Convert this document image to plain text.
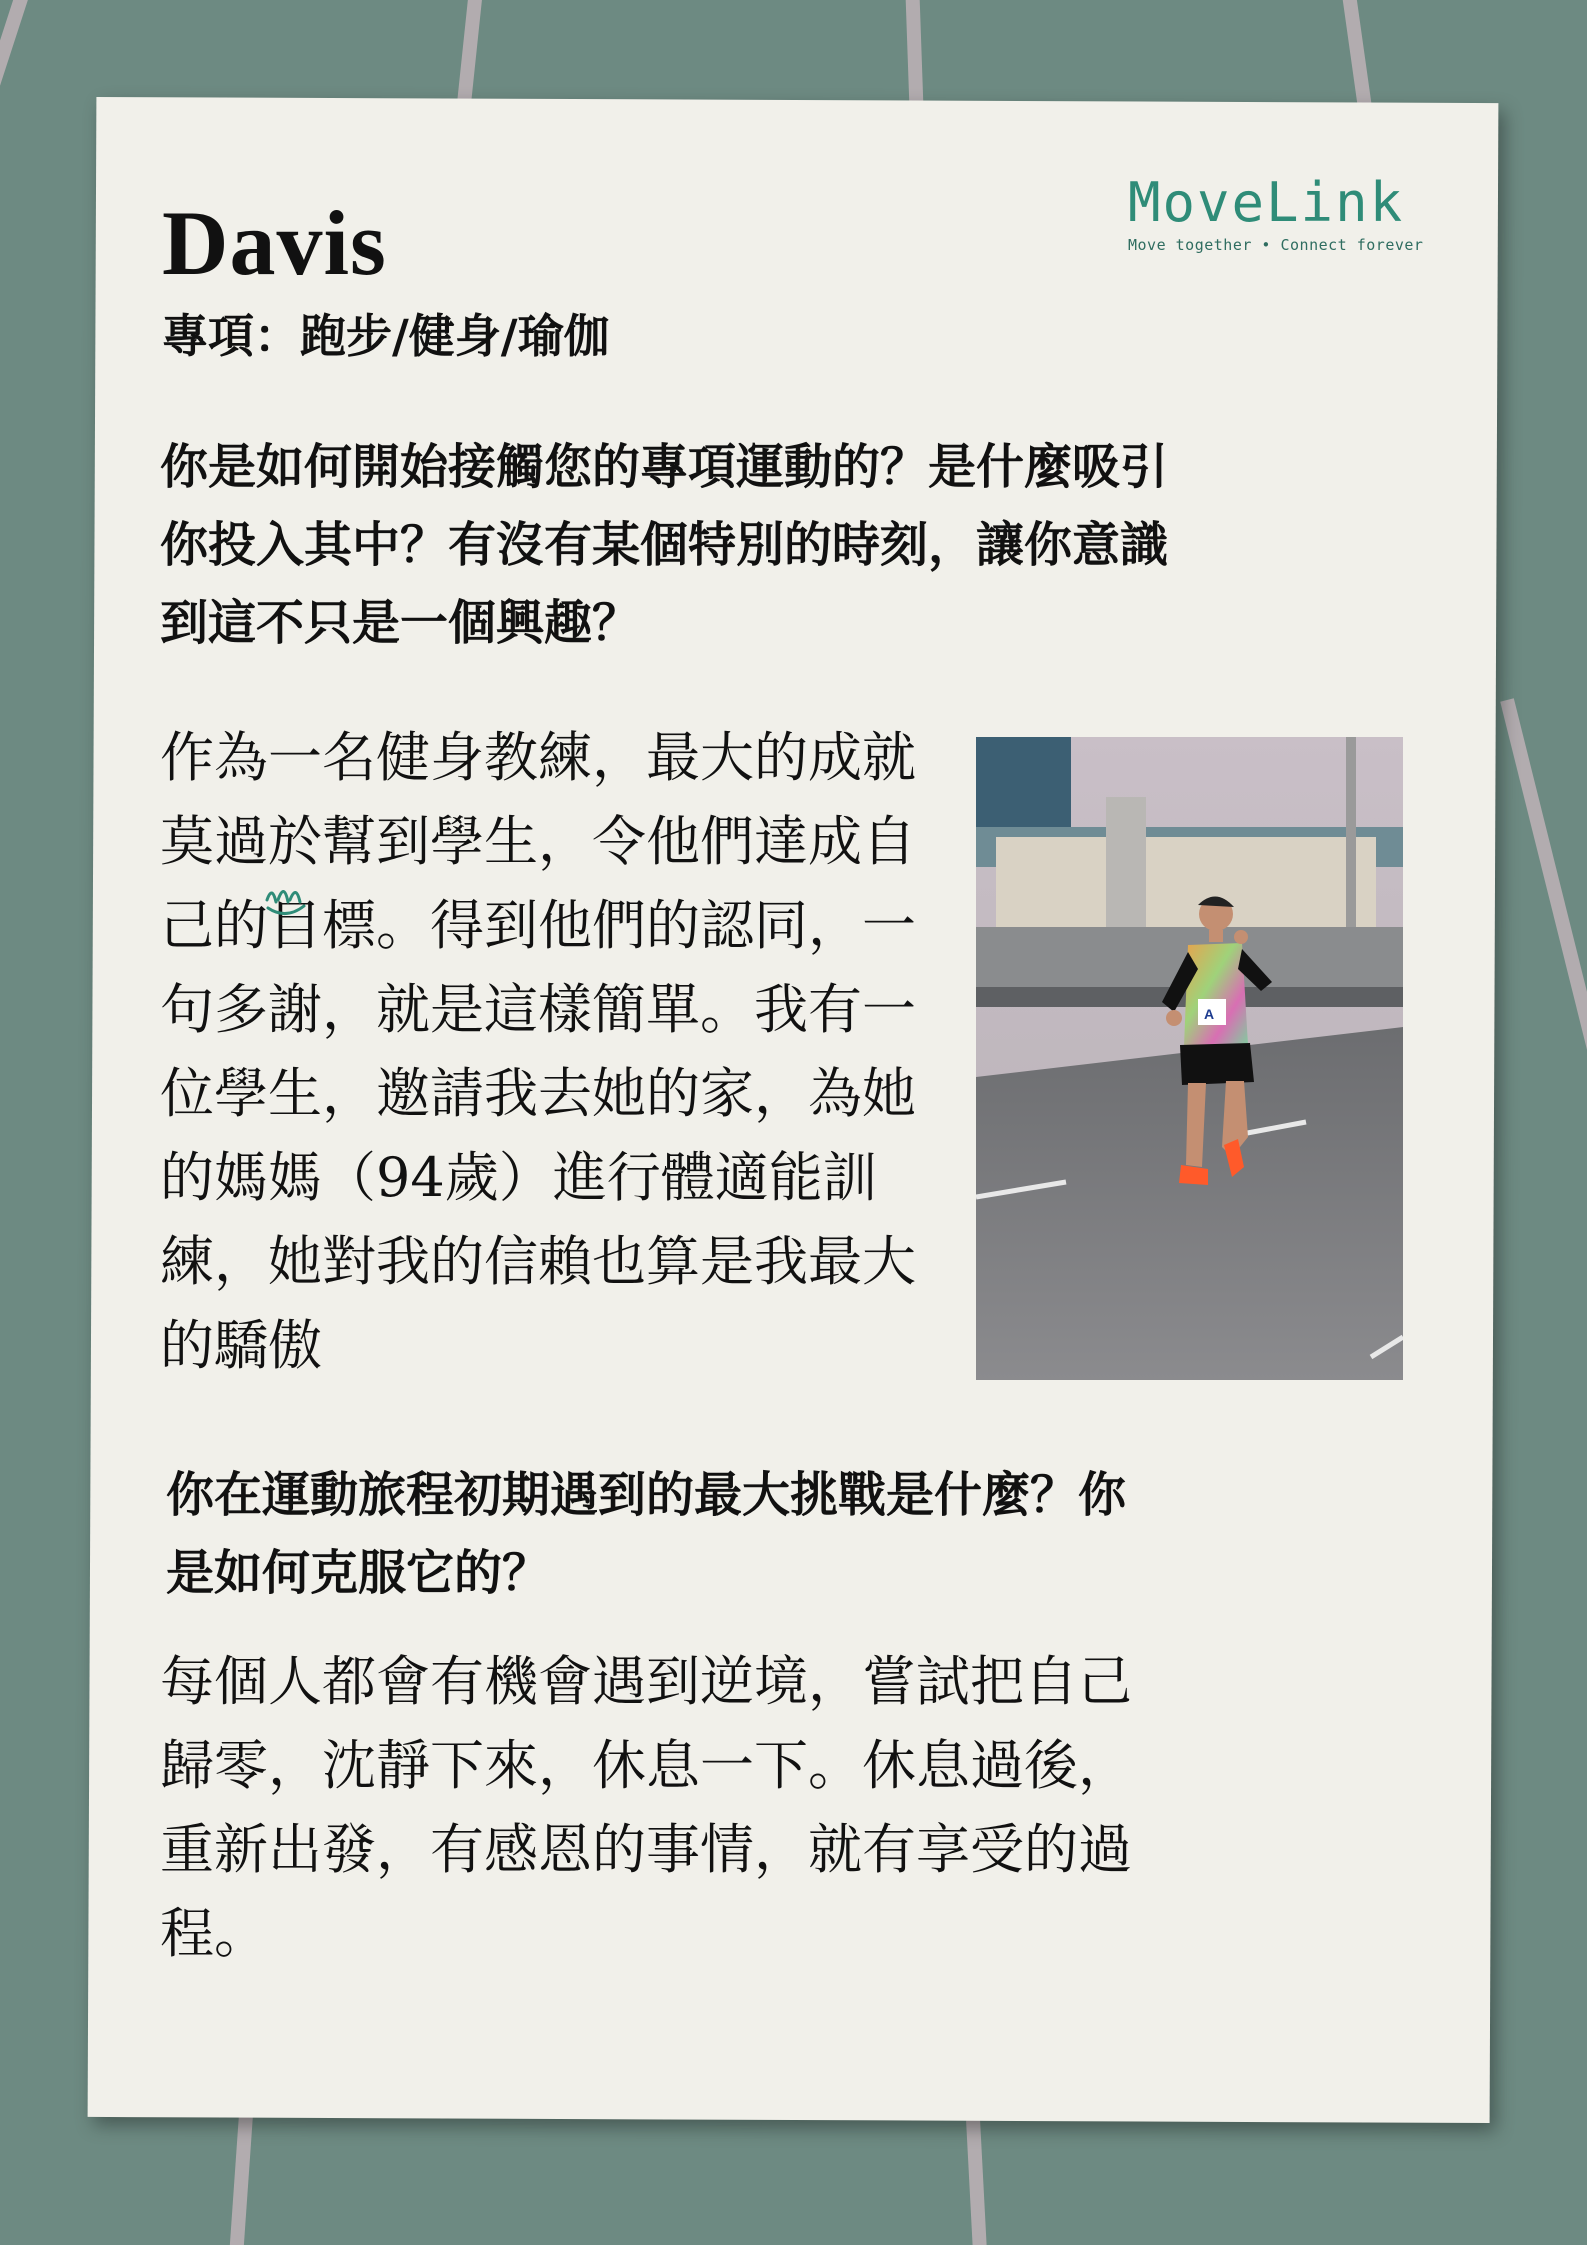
Davis
專項：跑步/健身/瑜伽
MoveLink
Move together • Connect forever
你是如何開始接觸您的專項運動的？是什麼吸引你投入其中？有沒有某個特別的時刻，讓你意識到這不只是一個興趣？
作為一名健身教練，最大的成就莫過於幫到學生，令他們達成自己的目標。得到他們的認同，一句多謝，就是這樣簡單。我有一位學生，邀請我去她的家，為她的媽媽（94歲）進行體適能訓練，她對我的信賴也算是我最大的驕傲
A
你在運動旅程初期遇到的最大挑戰是什麼？你是如何克服它的？
每個人都會有機會遇到逆境，嘗試把自己歸零，沈靜下來，休息一下。休息過後，重新出發，有感恩的事情，就有享受的過程。
